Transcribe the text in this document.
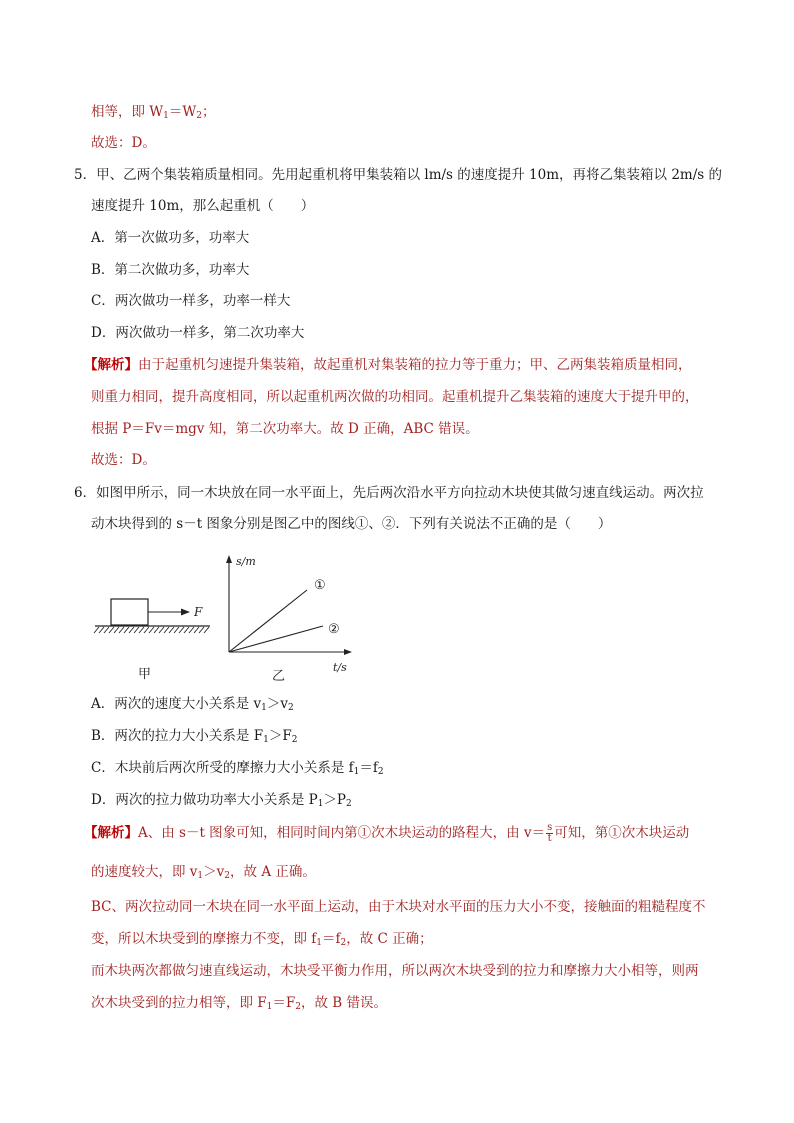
相等，即 $W_1=W_2$；
故选：D。
5．甲、乙两个集装箱质量相同。先用起重机将甲集装箱以 lm/s 的速度提升 10m，再将乙集装箱以 2m/s 的
速度提升 10m，那么起重机（　　）
A．第一次做功多，功率大
B．第二次做功多，功率大
C．两次做功一样多，功率一样大
D．两次做功一样多，第二次功率大
【解析】由于起重机匀速提升集装箱，故起重机对集装箱的拉力等于重力；甲、乙两集装箱质量相同，
则重力相同，提升高度相同，所以起重机两次做的功相同。起重机提升乙集装箱的速度大于提升甲的，
根据 P＝Fv＝mgv 知，第二次功率大。故 D 正确，ABC 错误。
故选：D。
6．如图甲所示，同一木块放在同一水平面上，先后两次沿水平方向拉动木块使其做匀速直线运动。两次拉
动木块得到的 s－t 图象分别是图乙中的图线①、②．下列有关说法不正确的是（　　）
F
甲
s/m
t/s
①
②
乙
A．两次的速度大小关系是 $v_1>v_2$
B．两次的拉力大小关系是 $F_1>F_2$
C．木块前后两次所受的摩擦力大小关系是 $f_1=f_2$
D．两次的拉力做功功率大小关系是 $P_1>P_2$
【解析】A、由 s－t 图象可知，相同时间内第①次木块运动的路程大，由 $v= \frac{s}{t}$ 可知，第①次木块运动
的速度较大，即 $v_1>v_2$，故 A 正确。
BC、两次拉动同一木块在同一水平面上运动，由于木块对水平面的压力大小不变，接触面的粗糙程度不
变，所以木块受到的摩擦力不变，即 $f_1=f_2$，故 C 正确；
而木块两次都做匀速直线运动，木块受平衡力作用，所以两次木块受到的拉力和摩擦力大小相等，则两
次木块受到的拉力相等，即 $F_1=F_2$，故 B 错误。
